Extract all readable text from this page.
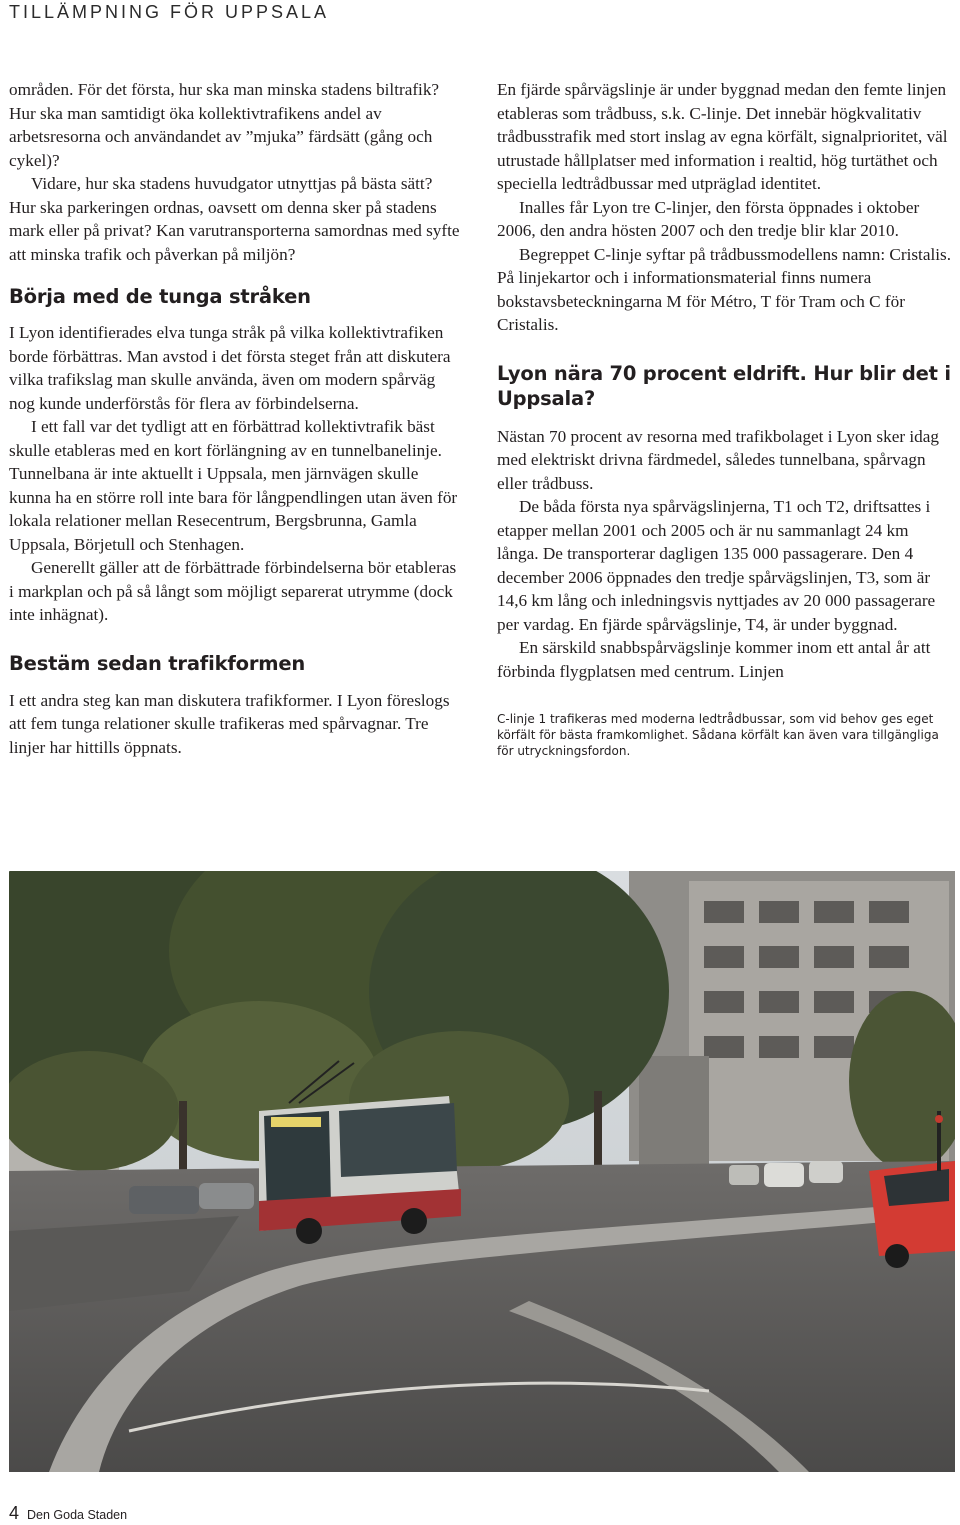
TILLÄMPNING FÖR UPPSALA

områden. För det första, hur ska man minska stadens biltrafik? Hur ska man samtidigt öka kollektivtrafikens andel av arbetsresorna och användandet av ”mjuka” färdsätt (gång och cykel)?

Vidare, hur ska stadens huvudgator utnyttjas på bästa sätt? Hur ska parkeringen ordnas, oavsett om denna sker på stadens mark eller på privat? Kan varutransporterna samordnas med syfte att minska trafik och påverkan på miljön?

Börja med de tunga stråken

I Lyon identifierades elva tunga stråk på vilka kollektivtrafiken borde förbättras. Man avstod i det första steget från att diskutera vilka trafikslag man skulle använda, även om modern spårväg nog kunde underförstås för flera av förbindelserna.

I ett fall var det tydligt att en förbättrad kollektivtrafik bäst skulle etableras med en kort förlängning av en tunnelbanelinje. Tunnelbana är inte aktuellt i Uppsala, men järnvägen skulle kunna ha en större roll inte bara för långpendlingen utan även för lokala relationer mellan Resecentrum, Bergsbrunna, Gamla Uppsala, Börjetull och Stenhagen.

Generellt gäller att de förbättrade förbindelserna bör etableras i markplan och på så långt som möjligt separerat utrymme (dock inte inhägnat).

Bestäm sedan trafikformen

I ett andra steg kan man diskutera trafikformer. I Lyon föreslogs att fem tunga relationer skulle trafikeras med spårvagnar. Tre linjer har hittills öppnats.

En fjärde spårvägslinje är under byggnad medan den femte linjen etableras som trådbuss, s.k. C-linje. Det innebär högkvalitativ trådbusstrafik med stort inslag av egna körfält, signalprioritet, väl utrustade hållplatser med information i realtid, hög turtäthet och speciella ledtrådbussar med utpräglad identitet.

Inalles får Lyon tre C-linjer, den första öppnades i oktober 2006, den andra hösten 2007 och den tredje blir klar 2010.

Begreppet C-linje syftar på trådbussmodellens namn: Cristalis. På linjekartor och i informationsmaterial finns numera bokstavsbeteckningarna M för Métro, T för Tram och C för Cristalis.

Lyon nära 70 procent eldrift. Hur blir det i Uppsala?

Nästan 70 procent av resorna med trafikbolaget i Lyon sker idag med elektriskt drivna färdmedel, således tunnelbana, spårvagn eller trådbuss.

De båda första nya spårvägslinjerna, T1 och T2, driftsattes i etapper mellan 2001 och 2005 och är nu sammanlagt 24 km långa. De transporterar dagligen 135 000 passagerare. Den 4 december 2006 öppnades den tredje spårvägslinjen, T3, som är 14,6 km lång och inledningsvis nyttjades av 20 000 passagerare per vardag. En fjärde spårvägslinje, T4, är under byggnad.

En särskild snabbspårvägslinje kommer inom ett antal år att förbinda flygplatsen med centrum. Linjen

C-linje 1 trafikeras med moderna ledtrådbussar, som vid behov ges eget körfält för bästa framkomlighet. Sådana körfält kan även vara tillgängliga för utryckningsfordon.

4 Den Goda Staden
